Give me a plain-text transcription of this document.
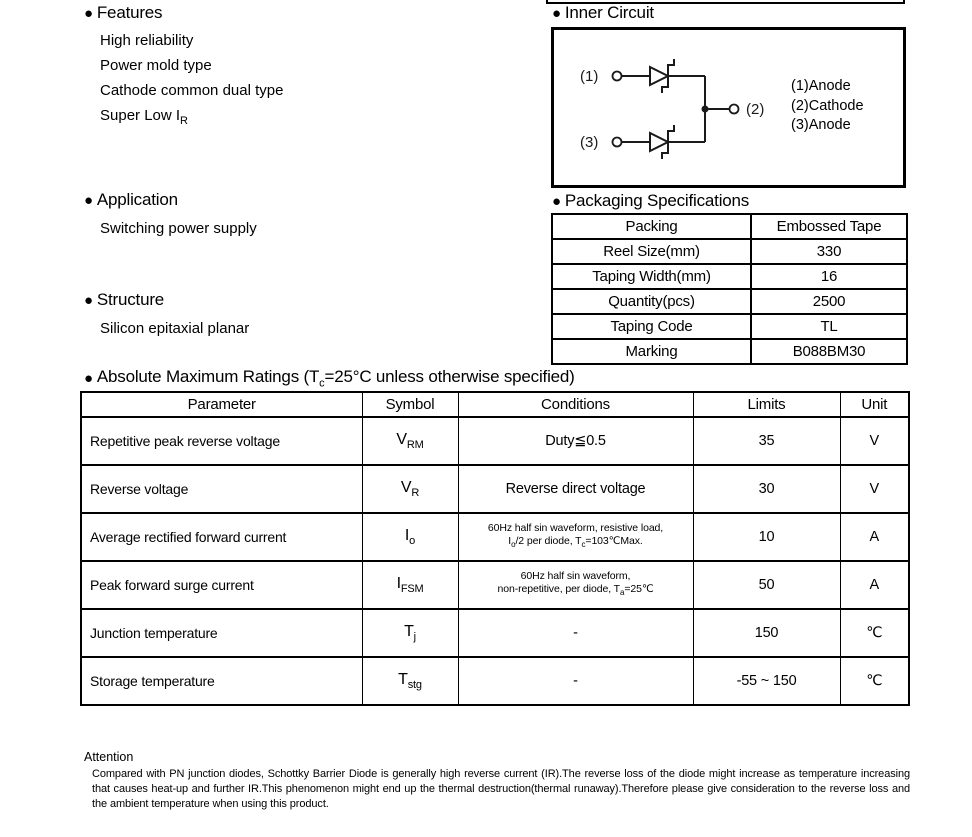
● Features
High reliability
Power mold type
Cathode common dual type
Super Low $I_R$
● Inner Circuit
(1)
(3)
(2)
(1)Anode
(2)Cathode
(3)Anode
● Application
Switching power supply
● Packaging Specifications
Packing	Embossed Tape
Reel Size(mm)	330
Taping Width(mm)	16
Quantity(pcs)	2500
Taping Code	TL
Marking	B088BM30
● Structure
Silicon epitaxial planar
● Absolute Maximum Ratings ($T_c=25^\circ C$ unless otherwise specified)
Parameter	Symbol	Conditions	Limits	Unit
Repetitive peak reverse voltage	$V_{RM}$	Duty≦0.5	35	V
Reverse voltage	$V_R$	Reverse direct voltage	30	V
Average rectified forward current	$I_o$	60Hz half sin waveform, resistive load,
$I_o/2$ per diode, $T_c=103℃Max$.	10	A
Peak forward surge current	$I_{FSM}$	60Hz half sin waveform,
non-repetitive, per diode, $T_a=25℃$	50	A
Junction temperature	$T_j$	-	150	℃
Storage temperature	$T_{stg}$	-	-55 ~ 150	℃
Attention
Compared with PN junction diodes, Schottky Barrier Diode is generally high reverse current (IR).The reverse loss of the diode might increase as temperature increasing that causes heat-up and further IR.This phenomenon might end up the thermal destruction(thermal runaway).Therefore please give consideration to the reverse loss and the ambient temperature when using this product.
